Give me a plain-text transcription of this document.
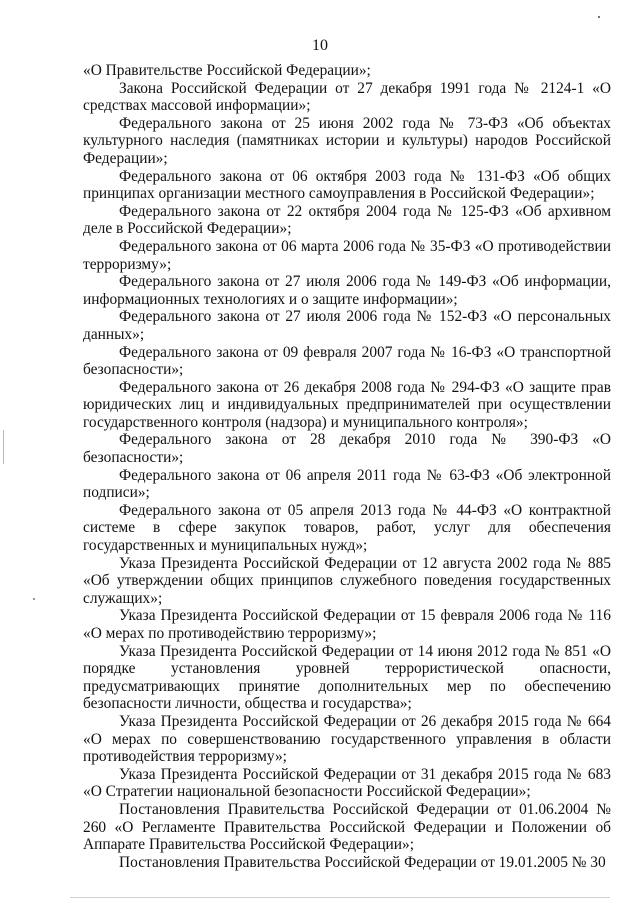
10

«О Правительстве Российской Федерации»;

Закона Российской Федерации от 27 декабря 1991 года № 2124-1 «О средствах массовой информации»;

Федерального закона от 25 июня 2002 года № 73-ФЗ «Об объектах культурного наследия (памятниках истории и культуры) народов Российской Федерации»;

Федерального закона от 06 октября 2003 года № 131-ФЗ «Об общих принципах организации местного самоуправления в Российской Федерации»;

Федерального закона от 22 октября 2004 года № 125-ФЗ «Об архивном деле в Российской Федерации»;

Федерального закона от 06 марта 2006 года № 35-ФЗ «О противодействии терроризму»;

Федерального закона от 27 июля 2006 года № 149-ФЗ «Об информации, информационных технологиях и о защите информации»;

Федерального закона от 27 июля 2006 года № 152-ФЗ «О персональных данных»;

Федерального закона от 09 февраля 2007 года № 16-ФЗ «О транспортной безопасности»;

Федерального закона от 26 декабря 2008 года № 294-ФЗ «О защите прав юридических лиц и индивидуальных предпринимателей при осуществлении государственного контроля (надзора) и муниципального контроля»;

Федерального закона от 28 декабря 2010 года № 390-ФЗ «О безопасности»;

Федерального закона от 06 апреля 2011 года № 63-ФЗ «Об электронной подписи»;

Федерального закона от 05 апреля 2013 года № 44-ФЗ «О контрактной системе в сфере закупок товаров, работ, услуг для обеспечения государственных и муниципальных нужд»;

Указа Президента Российской Федерации от 12 августа 2002 года № 885 «Об утверждении общих принципов служебного поведения государственных служащих»;

Указа Президента Российской Федерации от 15 февраля 2006 года № 116 «О мерах по противодействию терроризму»;

Указа Президента Российской Федерации от 14 июня 2012 года № 851 «О порядке установления уровней террористической опасности, предусматривающих принятие дополнительных мер по обеспечению безопасности личности, общества и государства»;

Указа Президента Российской Федерации от 26 декабря 2015 года № 664 «О мерах по совершенствованию государственного управления в области противодействия терроризму»;

Указа Президента Российской Федерации от 31 декабря 2015 года № 683 «О Стратегии национальной безопасности Российской Федерации»;

Постановления Правительства Российской Федерации от 01.06.2004 № 260 «О Регламенте Правительства Российской Федерации и Положении об Аппарате Правительства Российской Федерации»;

Постановления Правительства Российской Федерации от 19.01.2005 № 30
